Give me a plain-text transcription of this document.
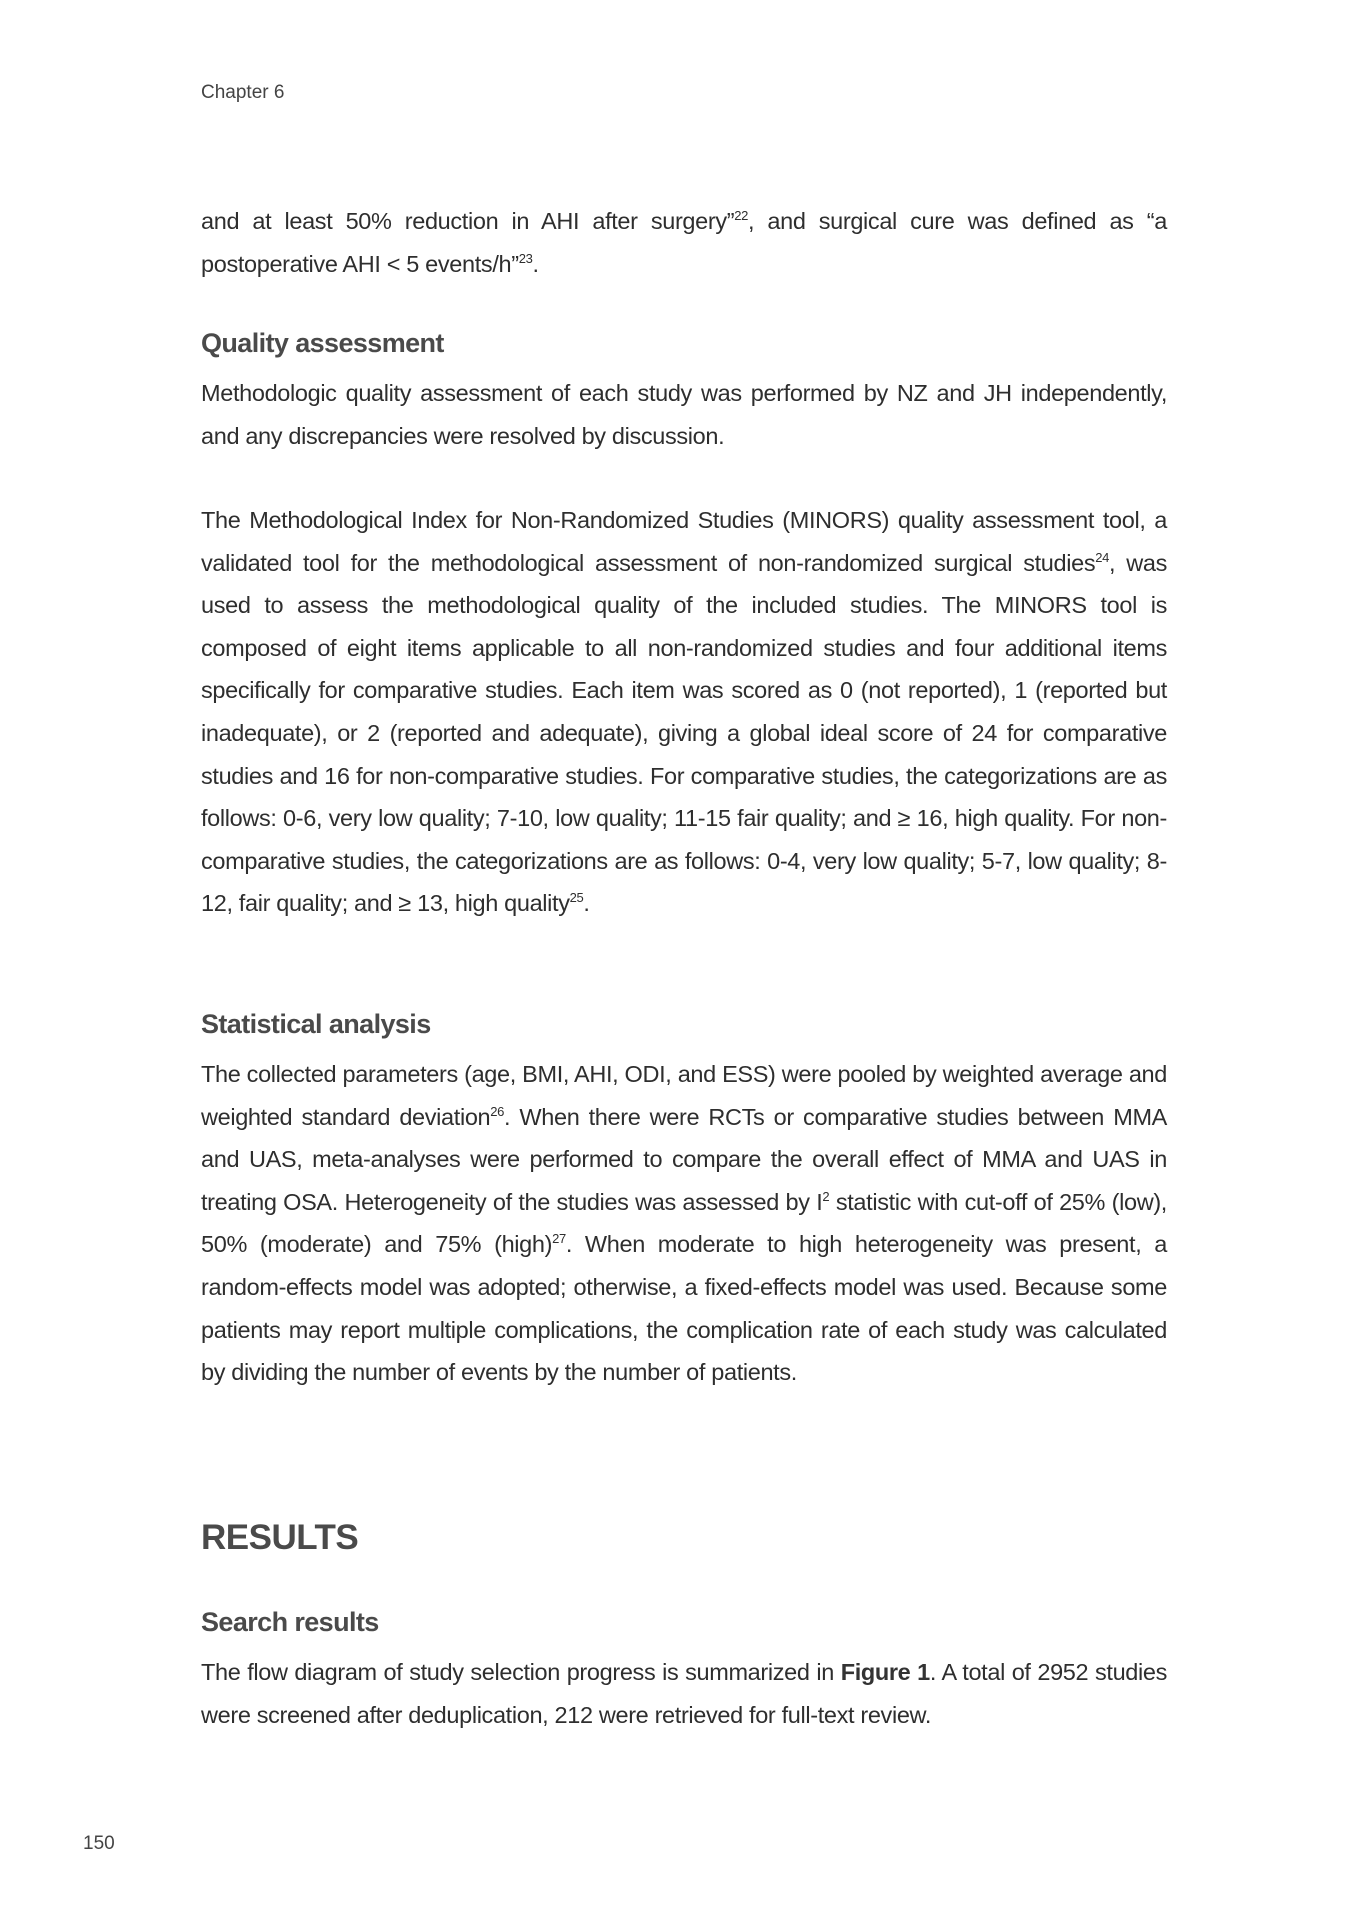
Chapter 6

and at least 50% reduction in AHI after surgery”$^{22}$, and surgical cure was defined as “a postoperative AHI < 5 events/h”$^{23}$.

Quality assessment

Methodologic quality assessment of each study was performed by NZ and JH independently, and any discrepancies were resolved by discussion.

The Methodological Index for Non-Randomized Studies (MINORS) quality assessment tool, a validated tool for the methodological assessment of non-randomized surgical studies$^{24}$, was used to assess the methodological quality of the included studies. The MINORS tool is composed of eight items applicable to all non-randomized studies and four additional items specifically for comparative studies. Each item was scored as 0 (not reported), 1 (reported but inadequate), or 2 (reported and adequate), giving a global ideal score of 24 for comparative studies and 16 for non-comparative studies. For comparative studies, the categorizations are as follows: 0-6, very low quality; 7-10, low quality; 11-15 fair quality; and ≥ 16, high quality. For non-comparative studies, the categorizations are as follows: 0-4, very low quality; 5-7, low quality; 8-12, fair quality; and ≥ 13, high quality$^{25}$.

Statistical analysis

The collected parameters (age, BMI, AHI, ODI, and ESS) were pooled by weighted average and weighted standard deviation$^{26}$. When there were RCTs or comparative studies between MMA and UAS, meta-analyses were performed to compare the overall effect of MMA and UAS in treating OSA. Heterogeneity of the studies was assessed by $I^2$ statistic with cut-off of 25% (low), 50% (moderate) and 75% (high)$^{27}$. When moderate to high heterogeneity was present, a random-effects model was adopted; otherwise, a fixed-effects model was used. Because some patients may report multiple complications, the complication rate of each study was calculated by dividing the number of events by the number of patients.

RESULTS
Search results

The flow diagram of study selection progress is summarized in Figure 1. A total of 2952 studies were screened after deduplication, 212 were retrieved for full-text review.

150
